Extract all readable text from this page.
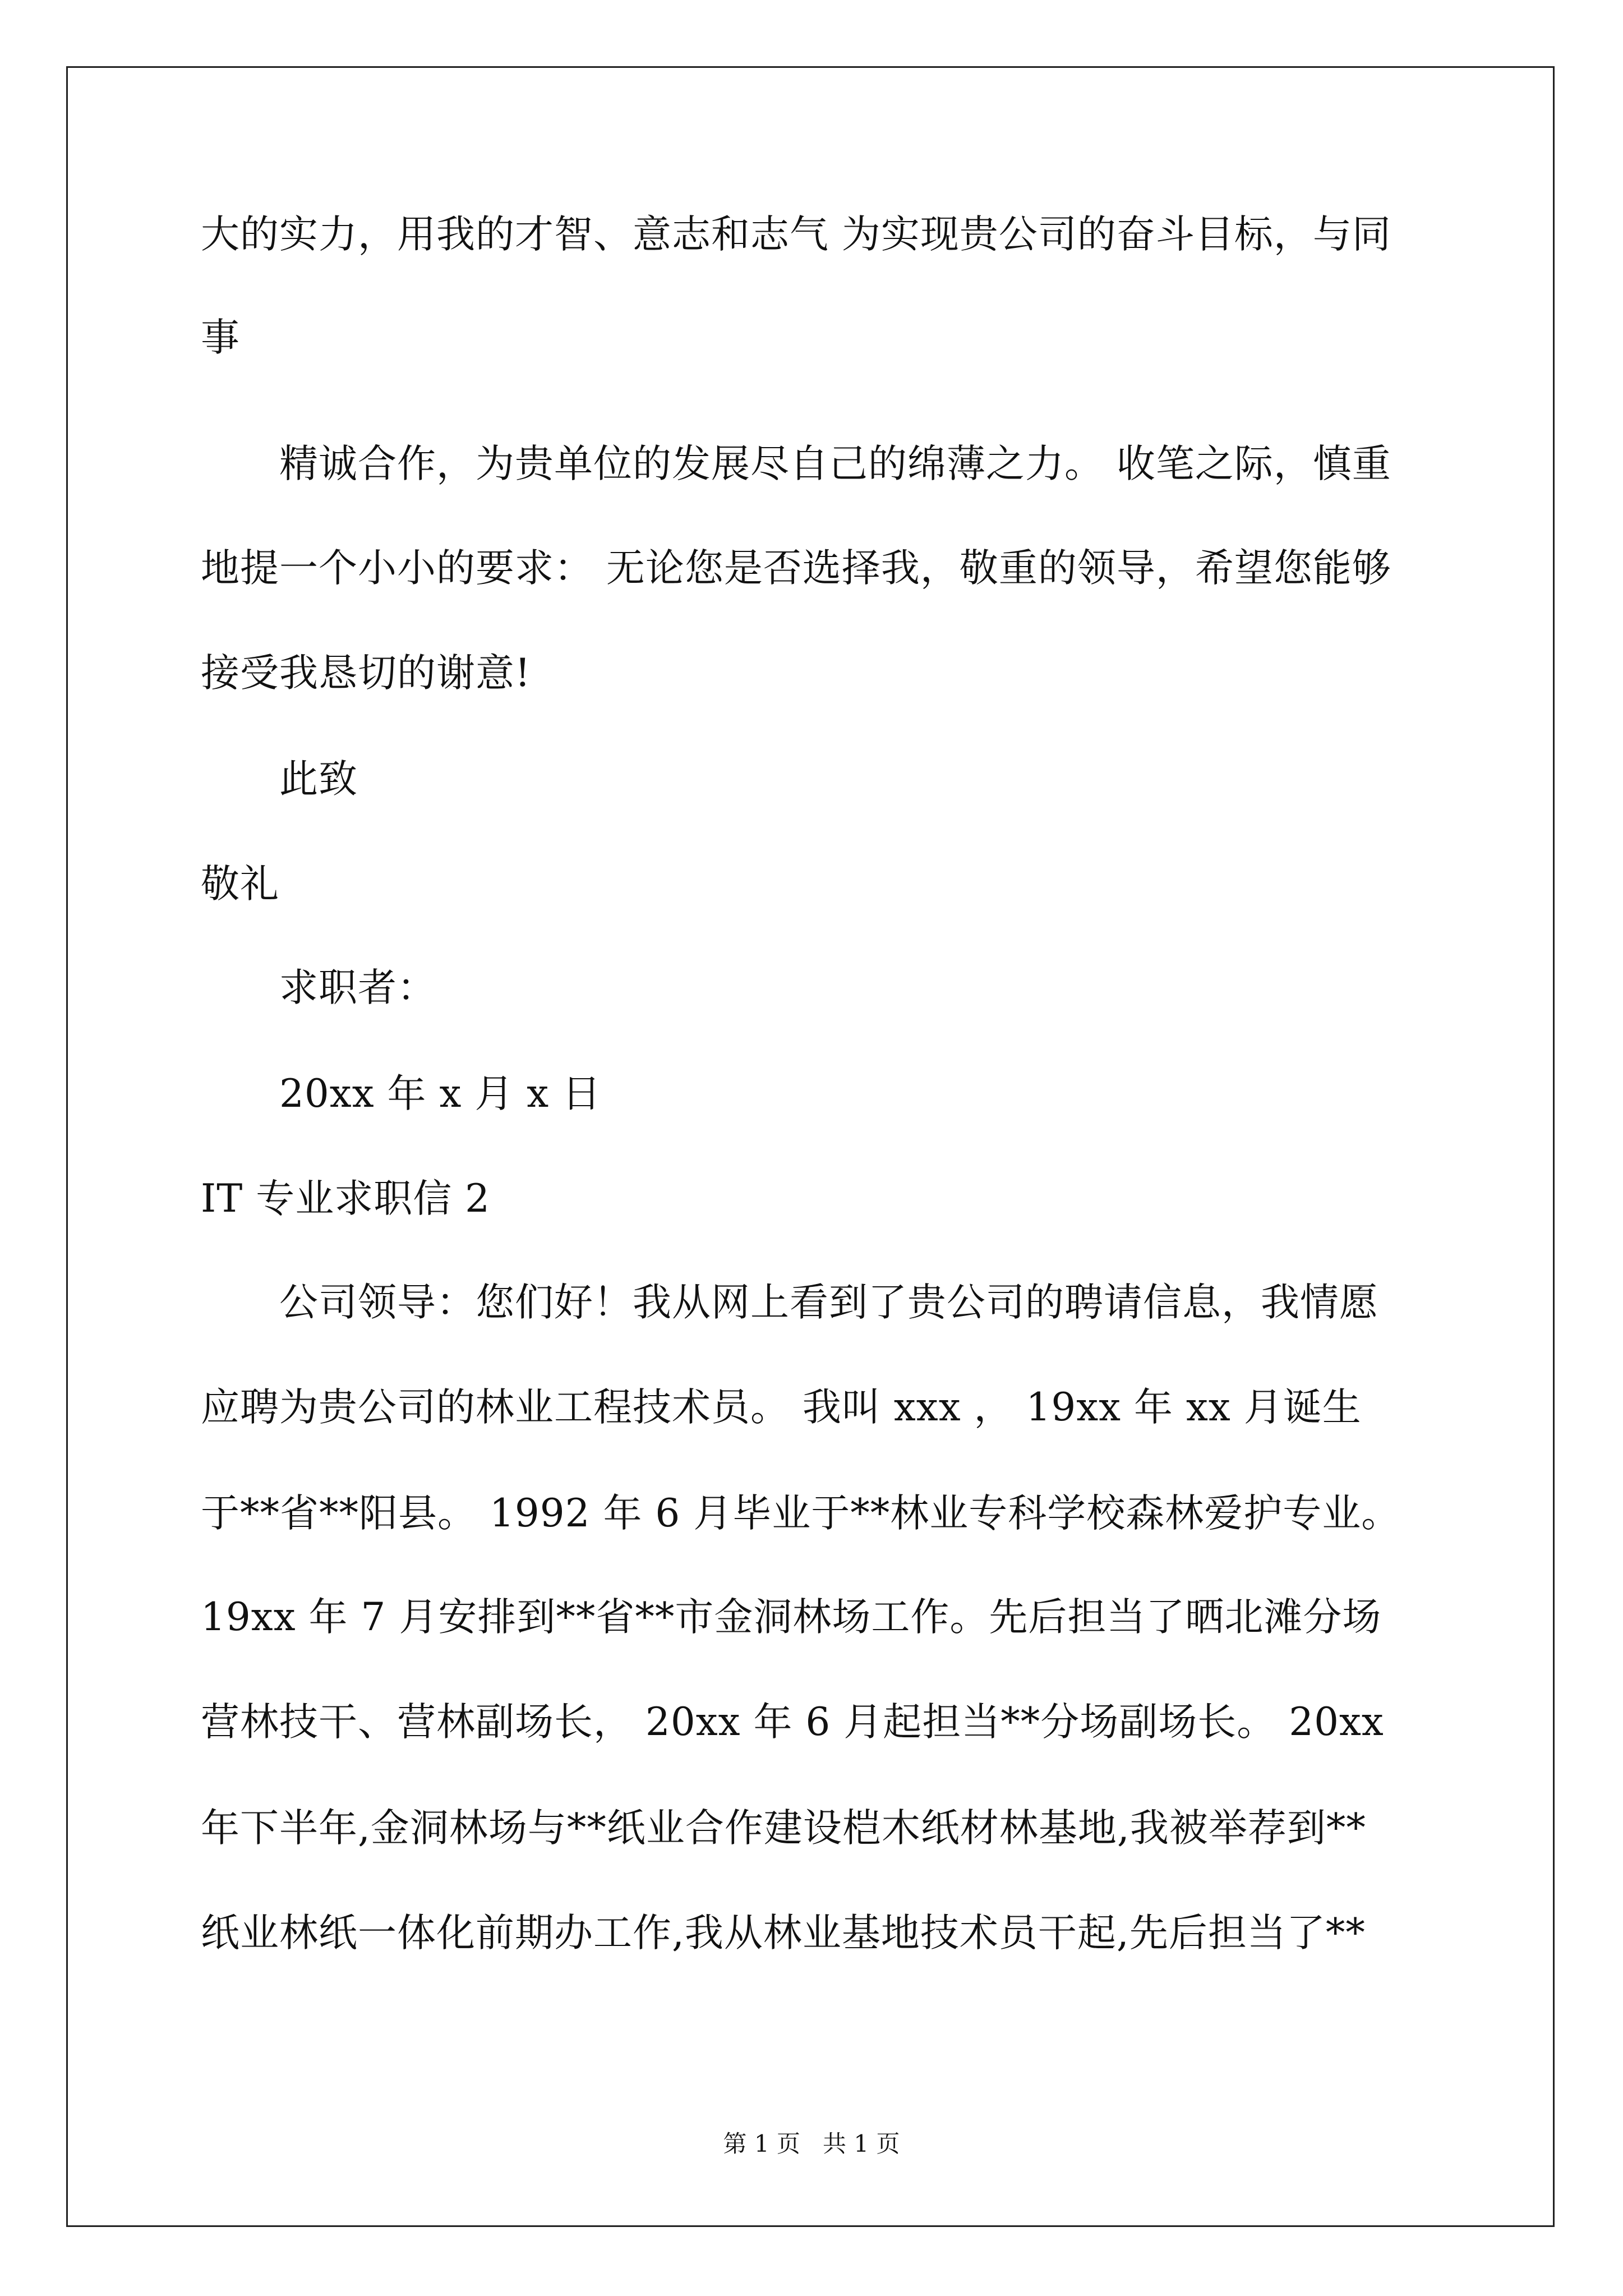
大的实力，用我的才智、意志和志气 为实现贵公司的奋斗目标，与同
事
精诚合作，为贵单位的发展尽自己的绵薄之力。 收笔之际，慎重
地提一个小小的要求： 无论您是否选择我，敬重的领导，希望您能够
接受我恳切的谢意!
此致
敬礼
求职者：
20xx 年 x 月 x 日
IT 专业求职信 2
公司领导：您们好！我从网上看到了贵公司的聘请信息，我情愿
应聘为贵公司的林业工程技术员。 我叫 xxx ， 19xx 年 xx 月诞生
于**省**阳县。 1992 年 6 月毕业于**林业专科学校森林爱护专业。
19xx 年 7 月安排到**省**市金洞林场工作。先后担当了晒北滩分场
营林技干、营林副场长， 20xx 年 6 月起担当**分场副场长。 20xx
年下半年,金洞林场与**纸业合作建设桤木纸材林基地,我被举荐到**
纸业林纸一体化前期办工作,我从林业基地技术员干起,先后担当了**
第 1 页   共 1 页
